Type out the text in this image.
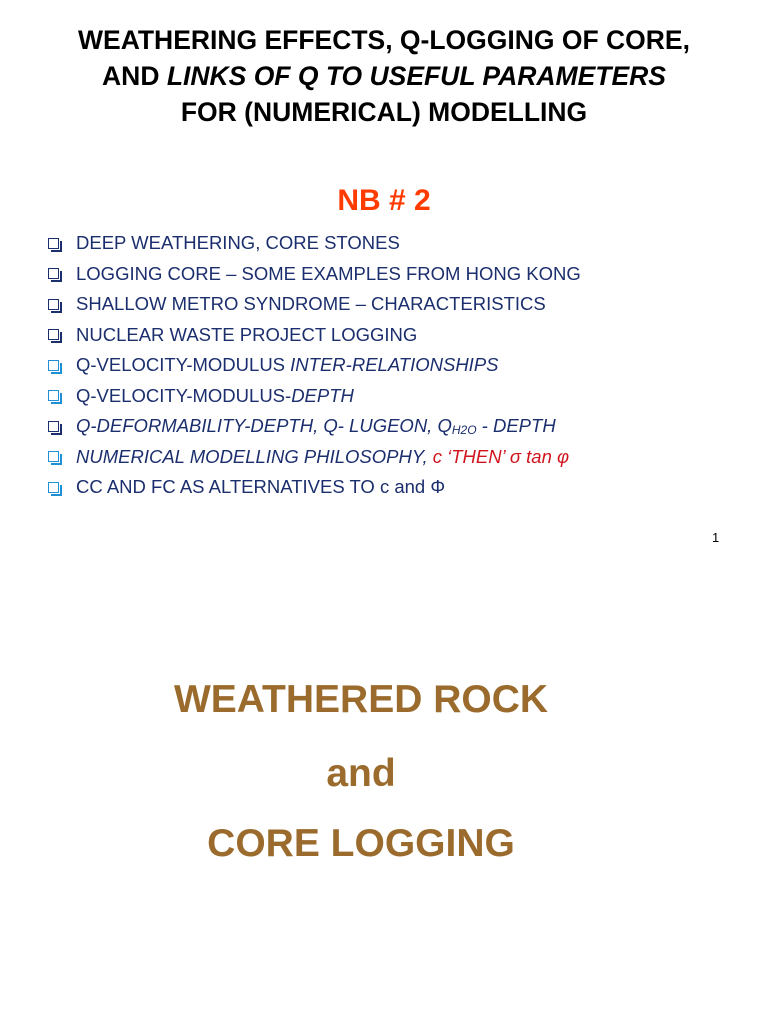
WEATHERING EFFECTS, Q-LOGGING OF CORE,
AND LINKS OF Q TO USEFUL PARAMETERS
FOR (NUMERICAL) MODELLING
NB # 2
DEEP WEATHERING, CORE STONES
LOGGING CORE – SOME EXAMPLES FROM HONG KONG
SHALLOW METRO SYNDROME – CHARACTERISTICS
NUCLEAR WASTE PROJECT LOGGING
Q-VELOCITY-MODULUS INTER-RELATIONSHIPS
Q-VELOCITY-MODULUS-DEPTH
Q-DEFORMABILITY-DEPTH, Q- LUGEON, QH2O - DEPTH
NUMERICAL MODELLING PHILOSOPHY, c ‘THEN’ σ tan φ
CC AND FC AS ALTERNATIVES TO c and Φ
1
WEATHERED ROCK
and
CORE LOGGING
